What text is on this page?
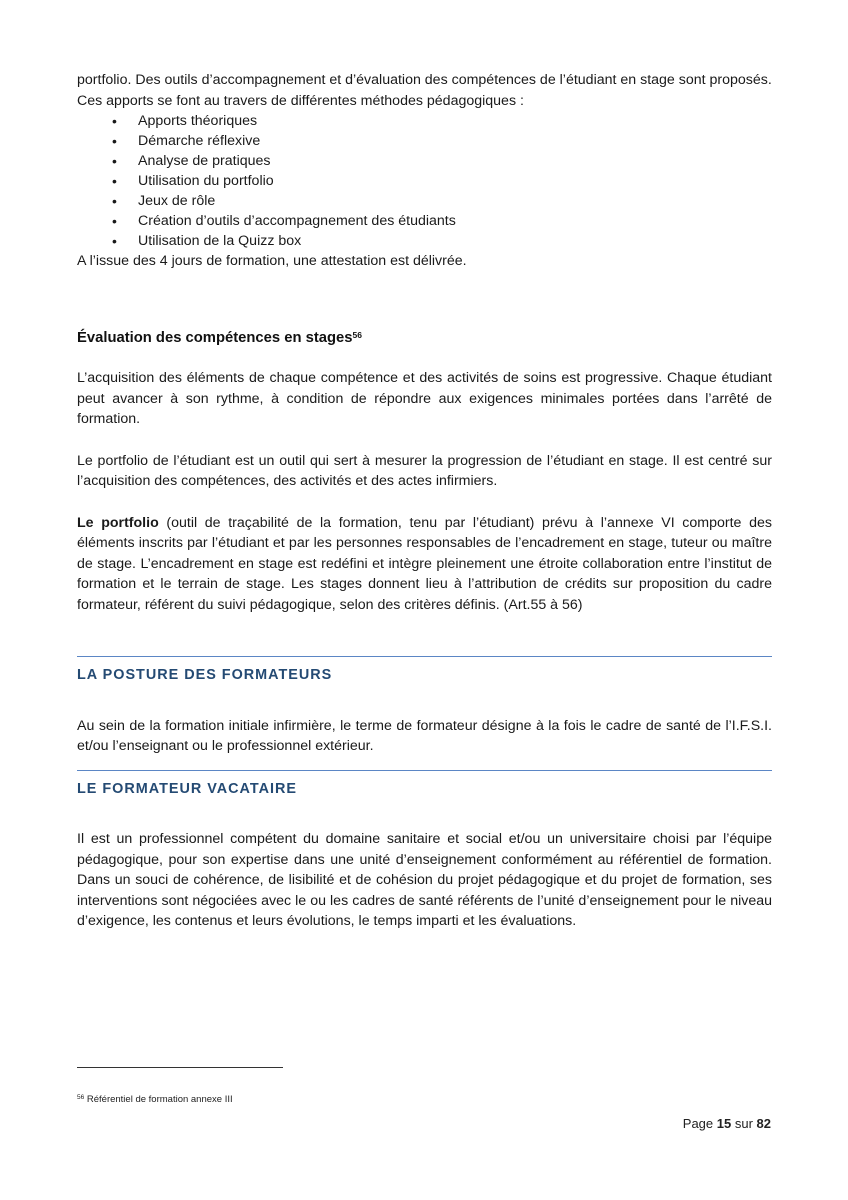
portfolio. Des outils d’accompagnement et d’évaluation des compétences de l’étudiant en stage sont proposés.

Ces apports se font au travers de différentes méthodes pédagogiques :

• Apports théoriques
• Démarche réflexive
• Analyse de pratiques
• Utilisation du portfolio
• Jeux de rôle
• Création d’outils d’accompagnement des étudiants
• Utilisation de la Quizz box

A l’issue des 4 jours de formation, une attestation est délivrée.

Évaluation des compétences en stages$^{56}$

L’acquisition des éléments de chaque compétence et des activités de soins est progressive. Chaque étudiant peut avancer à son rythme, à condition de répondre aux exigences minimales portées dans l’arrêté de formation.

Le portfolio de l’étudiant est un outil qui sert à mesurer la progression de l’étudiant en stage. Il est centré sur l’acquisition des compétences, des activités et des actes infirmiers.

Le portfolio (outil de traçabilité de la formation, tenu par l’étudiant) prévu à l’annexe VI comporte des éléments inscrits par l’étudiant et par les personnes responsables de l’encadrement en stage, tuteur ou maître de stage. L’encadrement en stage est redéfini et intègre pleinement une étroite collaboration entre l’institut de formation et le terrain de stage. Les stages donnent lieu à l’attribution de crédits sur proposition du cadre formateur, référent du suivi pédagogique, selon des critères définis. (Art.55 à 56)

LA POSTURE DES FORMATEURS

Au sein de la formation initiale infirmière, le terme de formateur désigne à la fois le cadre de santé de l’I.F.S.I. et/ou l’enseignant ou le professionnel extérieur.

LE FORMATEUR VACATAIRE

Il est un professionnel compétent du domaine sanitaire et social et/ou un universitaire choisi par l’équipe pédagogique, pour son expertise dans une unité d’enseignement conformément au référentiel de formation. Dans un souci de cohérence, de lisibilité et de cohésion du projet pédagogique et du projet de formation, ses interventions sont négociées avec le ou les cadres de santé référents de l’unité d’enseignement pour le niveau d’exigence, les contenus et leurs évolutions, le temps imparti et les évaluations.

$^{56}$ Référentiel de formation annexe III
Page 15 sur 82
